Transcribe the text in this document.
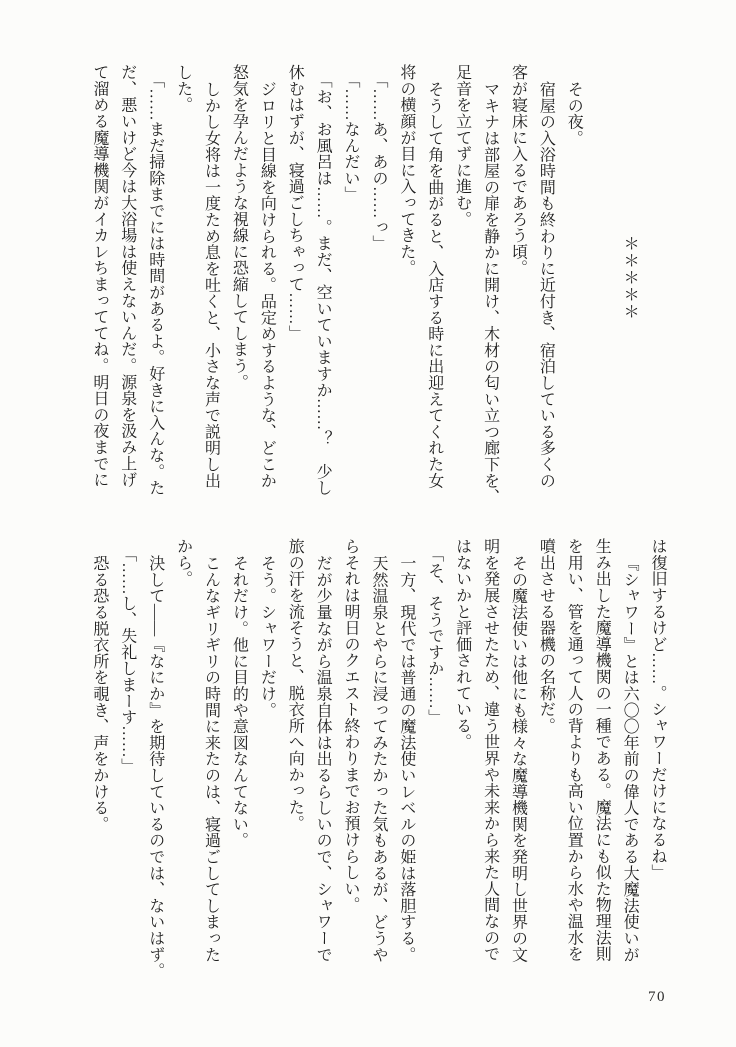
＊＊＊＊＊

その夜。
宿屋の入浴時間も終わりに近付き、宿泊している多くの
客が寝床に入るであろう頃。
マキナは部屋の扉を静かに開け、木材の匂い立つ廊下を、
足音を立てずに進む。
そうして角を曲がると、入店する時に出迎えてくれた女
将の横顔が目に入ってきた。
「……あ、あの……っ」
「……なんだい」
「お、お風呂は……。まだ、空いていますか……？　少し
休むはずが、寝過ごしちゃって……」
ジロリと目線を向けられる。品定めするような、どこか
怒気を孕んだような視線に恐縮してしまう。
しかし女将は一度ため息を吐くと、小さな声で説明し出
した。
「……まだ掃除までには時間があるよ。好きに入んな。た
だ、悪いけど今は大浴場は使えないんだ。源泉を汲み上げ
て溜める魔導機関がイカレちまっててね。明日の夜までに
は復旧するけど……。シャワーだけになるね」
『シャワー』とは六〇〇年前の偉人である大魔法使いが
生み出した魔導機関の一種である。魔法にも似た物理法則
を用い、管を通って人の背よりも高い位置から水や温水を
噴出させる器機の名称だ。
その魔法使いは他にも様々な魔導機関を発明し世界の文
明を発展させたため、違う世界や未来から来た人間なので
はないかと評価されている。
「そ、そうですか……」
一方、現代では普通の魔法使いレベルの姫は落胆する。
天然温泉とやらに浸ってみたかった気もあるが、どうや
らそれは明日のクエスト終わりまでお預けらしい。
だが少量ながら温泉自体は出るらしいので、シャワーで
旅の汗を流そうと、脱衣所へ向かった。
そう。シャワーだけ。
それだけ。他に目的や意図なんてない。
こんなギリギリの時間に来たのは、寝過ごしてしまった
から。
決して――『なにか』を期待しているのでは、ないはず。
「……し、失礼しまーす……」
恐る恐る脱衣所を覗き、声をかける。
70
